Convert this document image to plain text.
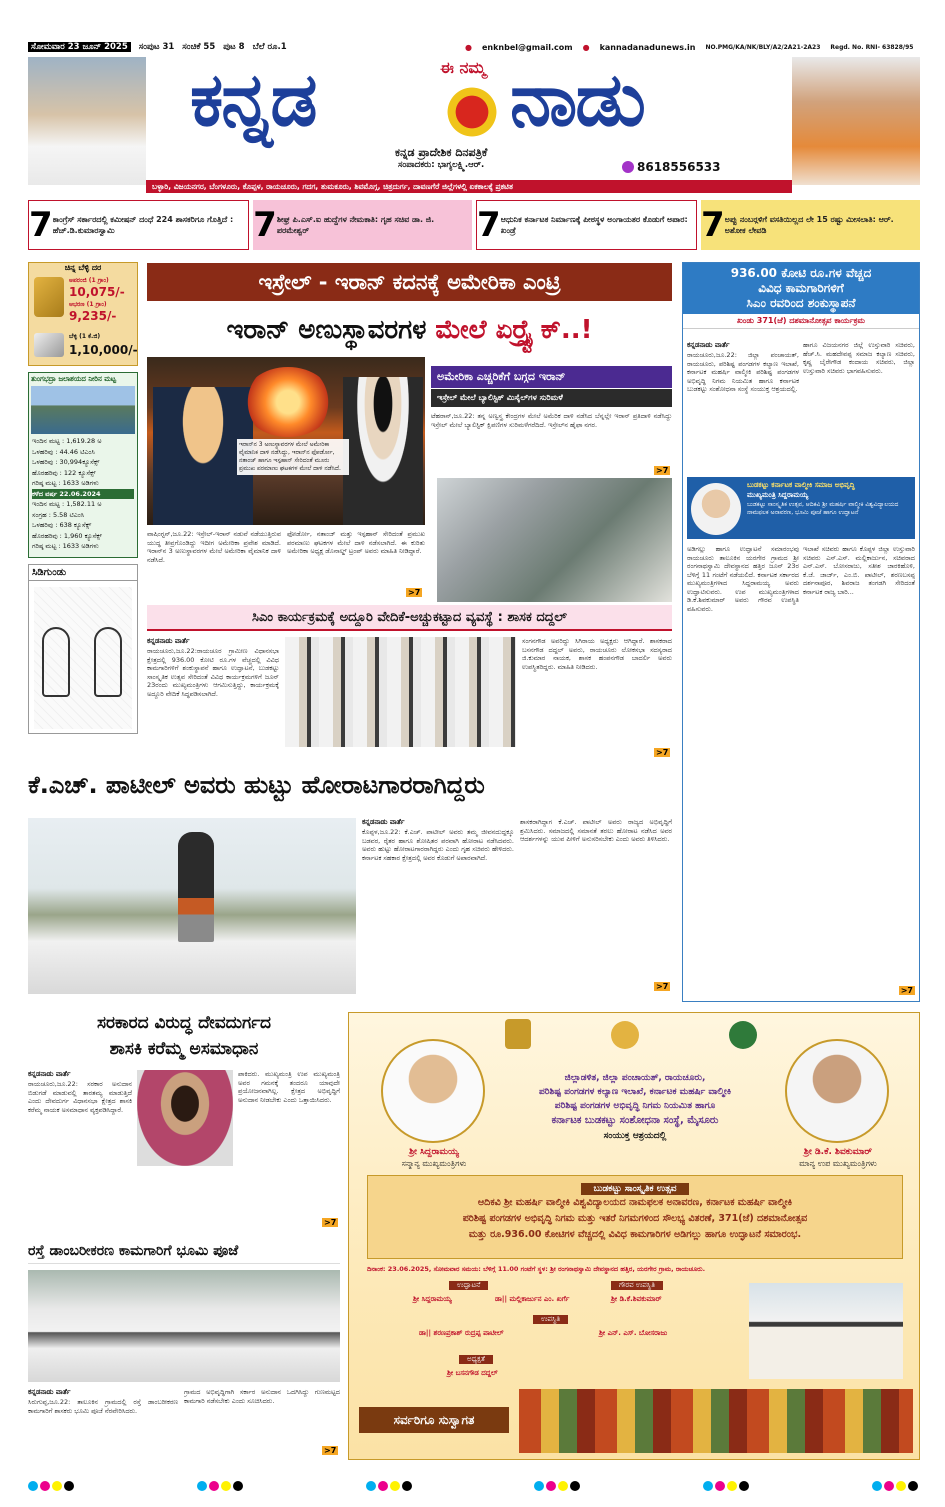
ಸೋಮವಾರ 23 ಜೂನ್ 2025	ಸಂಪುಟ 31 ಸಂಚಿಕೆ 55 ಪುಟ 8 ಬೆಲೆ ರೂ.1	● enknbel@gmail.com ● kannadanadunews.in NO.PMG/KA/NK/BLY/A2/2A21-2A23 Regd. No. RNI- 63828/95
ಕನ್ನಡ	ಈ ನಮ್ಮ ನಾಡು
ಕನ್ನಡ ಪ್ರಾದೇಶಿಕ ದಿನಪತ್ರಿಕೆ
ಸಂಪಾದಕರು: ಭಾಗ್ಯಲಕ್ಷ್ಮಿ.ಆರ್.	8618556533
ಬಳ್ಳಾರಿ, ವಿಜಯನಗರ, ಬೆಂಗಳೂರು, ಕೊಪ್ಪಳ, ರಾಯಚೂರು, ಗದಗ, ತುಮಕೂರು, ಶಿವಮೊಗ್ಗ, ಚಿತ್ರದುರ್ಗ, ದಾವಣಗೆರೆ ಜಿಲ್ಲೆಗಳಲ್ಲಿ ಏಕಕಾಲಕ್ಕೆ ಪ್ರಕಟಿತ
7 ಕಾಂಗ್ರೆಸ್ ಸರ್ಕಾರದಲ್ಲಿ ಕಮೀಷನ್ ದಂಧೆ 224 ಶಾಸಕರಿಗೂ ಗೊತ್ತಿದೆ : ಹೆಚ್.ಡಿ.ಕುಮಾರಸ್ವಾಮಿ	7 ಶೀಘ್ರ ಪಿ.ಎಸ್.ಐ ಹುದ್ದೆಗಳ ನೇಮಕಾತಿ: ಗೃಹ ಸಚಿವ ಡಾ. ಜಿ. ಪರಮೇಶ್ವರ್	7 ಆಧುನಿಕ ಕರ್ನಾಟಕ ನಿರ್ಮಾಣಕ್ಕೆ ಪೀಠಸ್ಥಳ ಅಂಗಾಯತರ ಕೊಡುಗೆ ಅಪಾರ: ಖಂಡ್ರೆ	7 ಅಪ್ಪು ನಂಬರ್‍ಗಳಿಗೆ ವಸತಿಯಿಲ್ಲದ ಲೇ 15 ರಷ್ಟು ಮೀಸಲಾತಿ: ಆರ್. ಅಶೋಕ ಲೇವಡಿ
ಚಿನ್ನ ಬೆಳ್ಳಿ ದರ
ಅಪರಂಜಿ (1 ಗ್ರಾಂ)
10,075/-
ಆಭರಣ (1 ಗ್ರಾಂ)
9,235/-
ಬೆಳ್ಳಿ (1 ಕೆ.ಜಿ)
1,10,000/-
ತುಂಗಭದ್ರಾ ಜಲಾಶಯದ ನೀರಿನ ಮಟ್ಟ
ಇಂದಿನ ಮಟ್ಟ : 1,619.28 ಅ
ಒಳಹರಿವು : 44.46 ಟಿಎಂಸಿ
ಒಳಹರಿವು : 30,994ಕ್ಯೂಸೆಕ್ಸ್
ಹೊರಹರಿವು : 122 ಕ್ಯೂಸೆಕ್ಸ್
ಗರಿಷ್ಠ ಮಟ್ಟ : 1633 ಅಡಿಗಳು
ಕಳೆದ ವರ್ಷ 22.06.2024
ಇಂದಿನ ಮಟ್ಟ : 1,582.11 ಅ
ಸಂಗ್ರಹ : 5.58 ಟಿಎಂಸಿ
ಒಳಹರಿವು : 638 ಕ್ಯೂಸೆಕ್ಸ್
ಹೊರಹರಿವು : 1,960 ಕ್ಯೂಸೆಕ್ಸ್
ಗರಿಷ್ಠ ಮಟ್ಟ : 1633 ಅಡಿಗಳು
ಸಿಡಿಗುಂಡು
ಇಸ್ರೇಲ್ - ಇರಾನ್ ಕದನಕ್ಕೆ ಅಮೇರಿಕಾ ಎಂಟ್ರಿ
ಇರಾನ್ ಅಣುಸ್ಥಾವರಗಳ ಮೇಲೆ ಏರ್‍ಸ್ಟ್ರೈಕ್..!
ಇರಾನ್‌ನ 3 ಅಣುಸ್ಥಾವರಗಳ ಮೇಲೆ ಅಮೇರಿಕಾ ವೈಮಾನಿಕ ದಾಳಿ ನಡೆಸಿದ್ದು, ಇರಾನ್‌ನ ಫೋರ್ಡೋ, ನತಾಂಜ್ ಹಾಗೂ ಇಸ್ಫಹಾನ್ ಸೇರಿದಂತೆ ಮೂರು ಪ್ರಮುಖ ಪರಮಾಣು ಘಟಕಗಳ ಮೇಲೆ ದಾಳಿ ನಡೆಸಿದೆ.
ಅಮೇರಿಕಾ ಎಚ್ಚರಿಕೆಗೆ ಬಗ್ಗದ ಇರಾನ್
ಇಸ್ರೇಲ್ ಮೇಲೆ ಬ್ಯಾಲಿಸ್ಟಿಕ್ ಮಿಸೈಲ್‌ಗಳ ಸುರಿಮಳೆ
ಟೆಹರಾನ್,ಜೂ.22: ತನ್ನ ಅಣ್ವಸ್ತ್ರ ಕೇಂದ್ರಗಳ ಮೇಲೆ ಅಮೆರಿಕ ದಾಳಿ ನಡೆಸಿದ ಬೆನ್ನಲ್ಲೇ ಇರಾನ್ ಪ್ರತಿದಾಳಿ ನಡೆಸಿದ್ದು ಇಸ್ರೇಲ್ ಮೇಲೆ ಬ್ಯಾಲಿಸ್ಟಿಕ್ ಕ್ಷಿಪಣಿಗಳ ಸುರಿಮಳೆಗರೆದಿದೆ. ಇಸ್ರೇಲ್‌ನ ಹೈಫಾ ನಗರ.
>7
ವಾಷಿಂಗ್ಟನ್,ಜೂ.22: ಇಸ್ರೇಲ್-ಇರಾನ್ ನಡುವೆ ನಡೆಯುತ್ತಿರುವ ಯುದ್ಧ ತೀವ್ರಗೊಂಡಿದ್ದು ಇದೀಗ ಅಮೇರಿಕಾ ಪ್ರವೇಶ ಮಾಡಿದೆ. ಇರಾನ್‌ನ 3 ಅಣುಸ್ಥಾವರಗಳ ಮೇಲೆ ಅಮೇರಿಕಾ ವೈಮಾನಿಕ ದಾಳಿ ನಡೆಸಿದೆ.
ಫೋರ್ಡೋ, ನತಾಂಜ್ ಮತ್ತು ಇಸ್ಫಹಾನ್ ಸೇರಿದಂತೆ ಪ್ರಮುಖ ಪರಮಾಣು ಘಟಕಗಳ ಮೇಲೆ ದಾಳಿ ನಡೆಸಲಾಗಿದೆ. ಈ ಕುರಿತು ಅಮೇರಿಕಾ ಅಧ್ಯಕ್ಷ ಡೊನಾಲ್ಡ್ ಟ್ರಂಪ್ ಅವರು ಮಾಹಿತಿ ನೀಡಿದ್ದಾರೆ.
>7
ಸಿಎಂ ಕಾರ್ಯಕ್ರಮಕ್ಕೆ ಅದ್ದೂರಿ ವೇದಿಕೆ-ಅಚ್ಚುಕಟ್ಟಾದ ವ್ಯವಸ್ಥೆ : ಶಾಸಕ ದದ್ದಲ್
ಕನ್ನಡನಾಡು ವಾರ್ತೆ
ರಾಯಚೂರು,ಜೂ.22:ರಾಯಚೂರ ಗ್ರಾಮೀಣ ವಿಧಾನಸಭಾ ಕ್ಷೇತ್ರದಲ್ಲಿ 936.00 ಕೋಟಿ ರೂ.ಗಳ ವೆಚ್ಚದಲ್ಲಿ ವಿವಿಧ ಕಾಮಗಾರಿಗಳಿಗೆ ಶಂಕುಸ್ಥಾಪನೆ ಹಾಗೂ ಉದ್ಘಾಟನೆ, ಬುಡಕಟ್ಟು ಸಾಂಸ್ಕೃತಿಕ ಉತ್ಸವ ಸೇರಿದಂತೆ ವಿವಿಧ ಕಾರ್ಯಕ್ರಮಗಳಿಗೆ ಜೂನ್ 23ರಂದು ಮುಖ್ಯಮಂತ್ರಿಗಳು ಆಗಮಿಸುತ್ತಿದ್ದು, ಕಾರ್ಯಕ್ರಮಕ್ಕೆ ಅದ್ದೂರಿ ವೇದಿಕೆ ಸಿದ್ಧಪಡಿಸಲಾಗಿದೆ.
ಸಂಗನಗೌಡ ಅವರಿದ್ದು ಸಿಗಿರಾಯ ಅಧ್ಯಕ್ಷರು ಆಗಿದ್ದಾರೆ. ಶಾಸಕರಾದ ಬಸನಗೌಡ ದದ್ದಲ್ ಅವರು, ರಾಯಚೂರು ಲೋಕಸಭಾ ಸದಸ್ಯರಾದ ಜಿ.ಕುಮಾರ ನಾಯಕ, ಶಾಸಕ ಹಂಪನಗೌಡ ಬಾದರ್ಲಿ ಅವರು ಉಪಸ್ಥಿತರಿದ್ದರು. ಮಾಹಿತಿ ನೀಡಿದರು.
>7
ಕೆ.ಎಚ್. ಪಾಟೀಲ್ ಅವರು ಹುಟ್ಟು ಹೋರಾಟಗಾರರಾಗಿದ್ದರು
ಕನ್ನಡನಾಡು ವಾರ್ತೆ
ಕೊಪ್ಪಳ,ಜೂ.22: ಕೆ.ಎಚ್. ಪಾಟೀಲ್ ಅವರು ತಮ್ಮ ಜೀವನದುದ್ದಕ್ಕೂ ಬಡವರ, ರೈತರ ಹಾಗೂ ಶೋಷಿತರ ಪರವಾಗಿ ಹೋರಾಟ ನಡೆಸಿದವರು. ಅವರು ಹುಟ್ಟು ಹೋರಾಟಗಾರರಾಗಿದ್ದರು ಎಂದು ಗೃಹ ಸಚಿವರು ಹೇಳಿದರು. ಕರ್ನಾಟಕ ಸಹಕಾರ ಕ್ಷೇತ್ರದಲ್ಲಿ ಅವರ ಕೊಡುಗೆ ಅಪಾರವಾಗಿದೆ.
ಶಾಸಕರಾಗಿದ್ದಾಗ ಕೆ.ಎಚ್. ಪಾಟೀಲ್ ಅವರು ರಾಜ್ಯದ ಅಭಿವೃದ್ಧಿಗೆ ಶ್ರಮಿಸಿದರು. ಸಮಾಜದಲ್ಲಿ ಸಮಾನತೆ ತರಲು ಹೋರಾಟ ನಡೆಸಿದ ಅವರ ಆದರ್ಶಗಳನ್ನು ಯುವ ಪೀಳಿಗೆ ಅನುಸರಿಸಬೇಕು ಎಂದು ಅವರು ತಿಳಿಸಿದರು.
>7
936.00 ಕೋಟಿ ರೂ.ಗಳ ವೆಚ್ಚದ
ವಿವಿಧ ಕಾಮಗಾರಿಗಳಿಗೆ
ಸಿಎಂ ರವರಿಂದ ಶಂಕುಸ್ಥಾಪನೆ
ಖಂಡು 371(ಜೆ) ದಶಮಾನೋತ್ಸವ ಕಾರ್ಯಕ್ರಮ
ಕನ್ನಡನಾಡು ವಾರ್ತೆ
ರಾಯಚೂರು,ಜೂ.22: ಜಿಲ್ಲಾ ಪಂಚಾಯತ್, ರಾಯಚೂರು, ಪರಿಶಿಷ್ಟ ಪಂಗಡಗಳ ಕಲ್ಯಾಣ ಇಲಾಖೆ, ಕರ್ನಾಟಕ ಮಹರ್ಷಿ ವಾಲ್ಮೀಕಿ ಪರಿಶಿಷ್ಟ ಪಂಗಡಗಳ ಅಭಿವೃದ್ಧಿ ನಿಗಮ ನಿಯಮಿತ ಹಾಗೂ ಕರ್ನಾಟಕ ಬುಡಕಟ್ಟು ಸಂಶೋಧನಾ ಸಂಸ್ಥೆ ಸಂಯುಕ್ತ ಆಶ್ರಯದಲ್ಲಿ.
ಹಾಗೂ ವಿಜಯನಗರ ಜಿಲ್ಲೆ ಉಸ್ತುವಾರಿ ಸಚಿವರು, ಹೆಚ್.ಸಿ. ಮಹದೇವಪ್ಪ ಸಮಾಜ ಕಲ್ಯಾಣ ಸಚಿವರು, ಕೃಷ್ಣ ಬೈರೇಗೌಡ ಕಂದಾಯ ಸಚಿವರು, ಜಿಲ್ಲಾ ಉಸ್ತುವಾರಿ ಸಚಿವರು ಭಾಗವಹಿಸುವರು.
ಬುಡಕಟ್ಟು ಕರ್ನಾಟಕ ವಾಲ್ಮೀಕಿ ಸಮಾಜ ಅಭಿವೃದ್ಧಿ
ಮುಖ್ಯಮಂತ್ರಿ ಸಿದ್ದರಾಮಯ್ಯ
ಬುಡಕಟ್ಟು ಸಾಂಸ್ಕೃತಿಕ ಉತ್ಸವ, ಆದಿಕವಿ ಶ್ರೀ ಮಹರ್ಷಿ ವಾಲ್ಮೀಕಿ ವಿಶ್ವವಿದ್ಯಾಲಯದ ನಾಮಫಲಕ ಅನಾವರಣ, ಭೂಮಿ ಪೂಜೆ ಹಾಗೂ ಉದ್ಘಾಟನೆ
ಅಡಿಗಲ್ಲು ಹಾಗೂ ಉದ್ಘಾಟನೆ ಸಮಾರಂಭವು ರಾಯಚೂರು ತಾಲೂಕಿನ ಯರಗೇರ ಗ್ರಾಮದ ಶ್ರೀ ರಂಗನಾಥಸ್ವಾಮಿ ದೇವಸ್ಥಾನದ ಹತ್ತಿರ ಜೂನ್ 23ರ ಬೆಳಿಗ್ಗೆ 11 ಗಂಟೆಗೆ ನಡೆಯಲಿದೆ. ಕರ್ನಾಟಕ ಸರ್ಕಾರದ ಮುಖ್ಯಮಂತ್ರಿಗಳಾದ ಸಿದ್ದರಾಮಯ್ಯ ಅವರು ಉದ್ಘಾಟಿಸುವರು. ಉಪ ಮುಖ್ಯಮಂತ್ರಿಗಳಾದ ಡಿ.ಕೆ.ಶಿವಕುಮಾರ್ ಅವರು ಗೌರವ ಉಪಸ್ಥಿತಿ ವಹಿಸುವರು.
ಇಲಾಖೆ ಸಚಿವರು ಹಾಗೂ ಕೊಪ್ಪಳ ಜಿಲ್ಲಾ ಉಸ್ತುವಾರಿ ಸಚಿವರು ಎಸ್.ಎಸ್. ಮಲ್ಲಿಕಾರ್ಜುನ, ಸಚಿವರಾದ ಎನ್.ಎಸ್. ಬೋಸರಾಜು, ಸತೀಶ ಜಾರಕಿಹೊಳಿ, ಕೆ.ಜೆ. ಜಾರ್ಜ್, ಎಂ.ಬಿ. ಪಾಟೀಲ್, ಶರಣಬಸಪ್ಪ ದರ್ಶನಾಪೂರ, ಶಿವರಾಜ ತಂಗಡಗಿ ಸೇರಿದಂತೆ ಕರ್ನಾಟಕ ರಾಜ್ಯ ಬಾರಿ...
>7
ಸರಕಾರದ ವಿರುದ್ಧ ದೇವದುರ್ಗದ
ಶಾಸಕಿ ಕರೆಮ್ಮ ಅಸಮಾಧಾನ
ಕನ್ನಡನಾಡು ವಾರ್ತೆ
ರಾಯಚೂರು,ಜೂ.22: ಸರಕಾರ ಅನುದಾನ ಬಿಡುಗಡೆ ಮಾಡುವಲ್ಲಿ ತಾರತಮ್ಯ ಮಾಡುತ್ತಿದೆ ಎಂದು ದೇವದುರ್ಗ ವಿಧಾನಸಭಾ ಕ್ಷೇತ್ರದ ಶಾಸಕಿ ಕರೆಮ್ಮ ನಾಯಕ ಅಸಮಾಧಾನ ವ್ಯಕ್ತಪಡಿಸಿದ್ದಾರೆ.
ಪಾಕಿದರು. ಮುಖ್ಯಮಂತ್ರಿ ಉಪ ಮುಖ್ಯಮಂತ್ರಿ ಅವರ ಗಮನಕ್ಕೆ ತಂದರೂ ಯಾವುದೇ ಪ್ರಯೋಜನವಾಗಿಲ್ಲ. ಕ್ಷೇತ್ರದ ಅಭಿವೃದ್ಧಿಗೆ ಅನುದಾನ ನೀಡಬೇಕು ಎಂದು ಒತ್ತಾಯಿಸಿದರು.
>7
ರಸ್ತೆ ಡಾಂಬರೀಕರಣ ಕಾಮಗಾರಿಗೆ ಭೂಮಿ ಪೂಜೆ
ಕನ್ನಡನಾಡು ವಾರ್ತೆ
ಸಿರುಗುಪ್ಪ,ಜೂ.22: ತಾಲೂಕಿನ ಗ್ರಾಮದಲ್ಲಿ ರಸ್ತೆ ಡಾಂಬರೀಕರಣ ಕಾಮಗಾರಿಗೆ ಶಾಸಕರು ಭೂಮಿ ಪೂಜೆ ನೆರವೇರಿಸಿದರು.
ಗ್ರಾಮದ ಅಭಿವೃದ್ಧಿಗಾಗಿ ಸರ್ಕಾರ ಅನುದಾನ ಒದಗಿಸಿದ್ದು ಗುಣಮಟ್ಟದ ಕಾಮಗಾರಿ ನಡೆಸಬೇಕು ಎಂದು ಸೂಚಿಸಿದರು.
>7
ಶ್ರೀ ಸಿದ್ದರಾಮಯ್ಯ
ಸನ್ಮಾನ್ಯ ಮುಖ್ಯಮಂತ್ರಿಗಳು
ಶ್ರೀ ಡಿ.ಕೆ. ಶಿವಕುಮಾರ್
ಮಾನ್ಯ ಉಪ ಮುಖ್ಯಮಂತ್ರಿಗಳು
ಜಿಲ್ಲಾಡಳಿತ, ಜಿಲ್ಲಾ ಪಂಚಾಯತ್, ರಾಯಚೂರು,
ಪರಿಶಿಷ್ಟ ಪಂಗಡಗಳ ಕಲ್ಯಾಣ ಇಲಾಖೆ, ಕರ್ನಾಟಕ ಮಹರ್ಷಿ ವಾಲ್ಮೀಕಿ
ಪರಿಶಿಷ್ಟ ಪಂಗಡಗಳ ಅಭಿವೃದ್ಧಿ ನಿಗಮ ನಿಯಮಿತ ಹಾಗೂ
ಕರ್ನಾಟಕ ಬುಡಕಟ್ಟು ಸಂಶೋಧನಾ ಸಂಸ್ಥೆ, ಮೈಸೂರು
ಸಂಯುಕ್ತ ಆಶ್ರಯದಲ್ಲಿ
ಬುಡಕಟ್ಟು ಸಾಂಸ್ಕೃತಿಕ ಉತ್ಸವ
ಆದಿಕವಿ ಶ್ರೀ ಮಹರ್ಷಿ ವಾಲ್ಮೀಕಿ ವಿಶ್ವವಿದ್ಯಾಲಯದ ನಾಮಫಲಕ ಅನಾವರಣ, ಕರ್ನಾಟಕ ಮಹರ್ಷಿ ವಾಲ್ಮೀಕಿ
ಪರಿಶಿಷ್ಟ ಪಂಗಡಗಳ ಅಭಿವೃದ್ಧಿ ನಿಗಮ ಮತ್ತು ಇತರೆ ನಿಗಮಗಳಿಂದ ಸೌಲಭ್ಯ ವಿತರಣೆ, 371(ಜೆ) ದಶಮಾನೋತ್ಸವ
ಮತ್ತು ರೂ.936.00 ಕೋಟಿಗಳ ವೆಚ್ಚದಲ್ಲಿ ವಿವಿಧ ಕಾಮಗಾರಿಗಳ ಅಡಿಗಲ್ಲು ಹಾಗೂ ಉದ್ಘಾಟನೆ ಸಮಾರಂಭ.
ದಿನಾಂಕ: 23.06.2025, ಸೋಮವಾರ ಸಮಯ: ಬೆಳಿಗ್ಗೆ 11.00 ಗಂಟೆಗೆ ಸ್ಥಳ: ಶ್ರೀ ರಂಗನಾಥಸ್ವಾಮಿ ದೇವಸ್ಥಾನದ ಹತ್ತಿರ, ಯರಗೇರ ಗ್ರಾಮ, ರಾಯಚೂರು.
ಉದ್ಘಾಟನೆ	ಗೌರವ ಉಪಸ್ಥಿತಿ
ಶ್ರೀ ಸಿದ್ದರಾಮಯ್ಯ	ಡಾ|| ಮಲ್ಲಿಕಾರ್ಜುನ ಎಂ. ಖರ್ಗೆ	ಶ್ರೀ ಡಿ.ಕೆ.ಶಿವಕುಮಾರ್
ಉಪಸ್ಥಿತಿ
ಡಾ|| ಶರಣಪ್ರಕಾಶ್ ರುದ್ರಪ್ಪ ಪಾಟೀಲ್	ಶ್ರೀ ಎನ್. ಎಸ್. ಬೋಸರಾಜು
ಅಧ್ಯಕ್ಷತೆ
ಶ್ರೀ ಬಸನಗೌಡ ದದ್ದಲ್
ಸರ್ವರಿಗೂ ಸುಸ್ವಾಗತ
